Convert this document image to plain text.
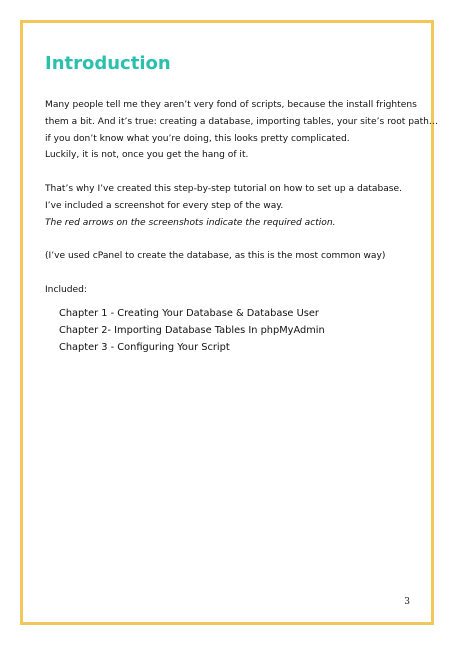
Introduction
Many people tell me they aren’t very fond of scripts, because the install frightens
them a bit. And it’s true: creating a database, importing tables, your site’s root path…
if you don’t know what you’re doing, this looks pretty complicated.
Luckily, it is not, once you get the hang of it.
That’s why I’ve created this step-by-step tutorial on how to set up a database.
I’ve included a screenshot for every step of the way.
The red arrows on the screenshots indicate the required action.
(I’ve used cPanel to create the database, as this is the most common way)
Included:
Chapter 1 - Creating Your Database & Database User
Chapter 2- Importing Database Tables In phpMyAdmin
Chapter 3 - Configuring Your Script
3
